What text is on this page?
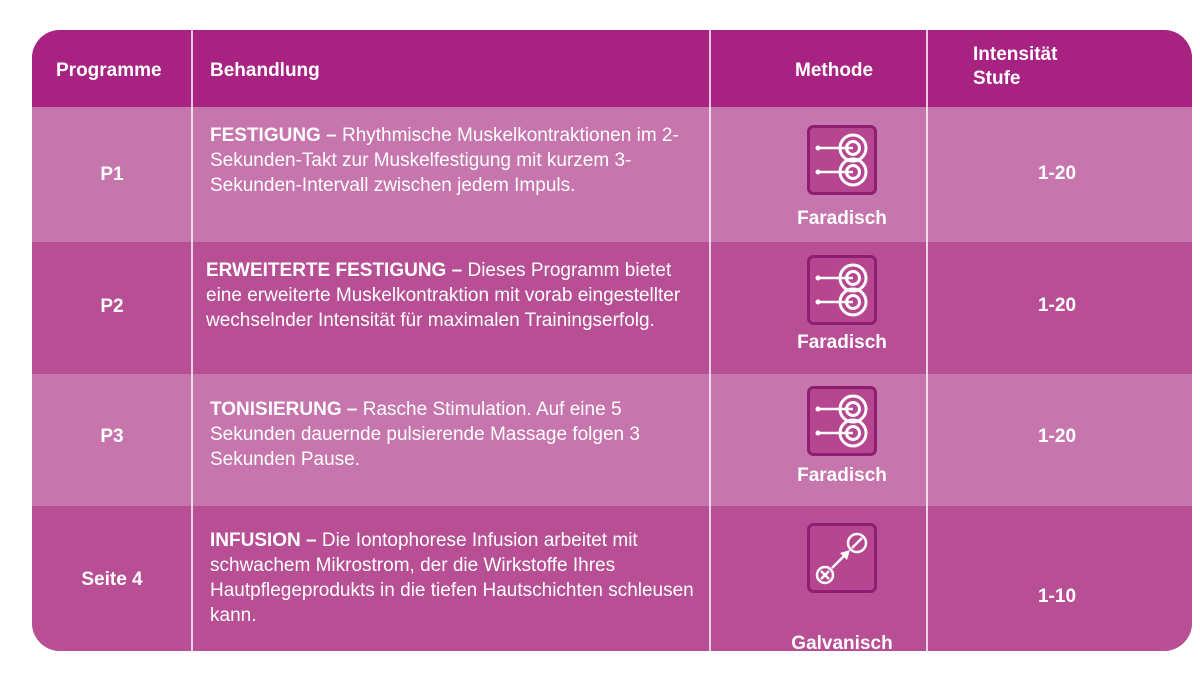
Programme	Behandlung	Methode
Intensität
Stufe
P1
FESTIGUNG – Rhythmische Muskelkontraktionen im 2-Sekunden-Takt zur Muskelfestigung mit kurzem 3-Sekunden-Intervall zwischen jedem Impuls.
Faradisch
1-20
P2
ERWEITERTE FESTIGUNG – Dieses Programm bietet eine erweiterte Muskelkontraktion mit vorab eingestellter wechselnder Intensität für maximalen Trainingserfolg.
Faradisch
1-20
P3
TONISIERUNG – Rasche Stimulation. Auf eine 5 Sekunden dauernde pulsierende Massage folgen 3 Sekunden Pause.
Faradisch
1-20
Seite 4
INFUSION – Die Iontophorese Infusion arbeitet mit schwachem Mikrostrom, der die Wirkstoffe Ihres Hautpflegeprodukts in die tiefen Hautschichten schleusen kann.
Galvanisch
1-10
